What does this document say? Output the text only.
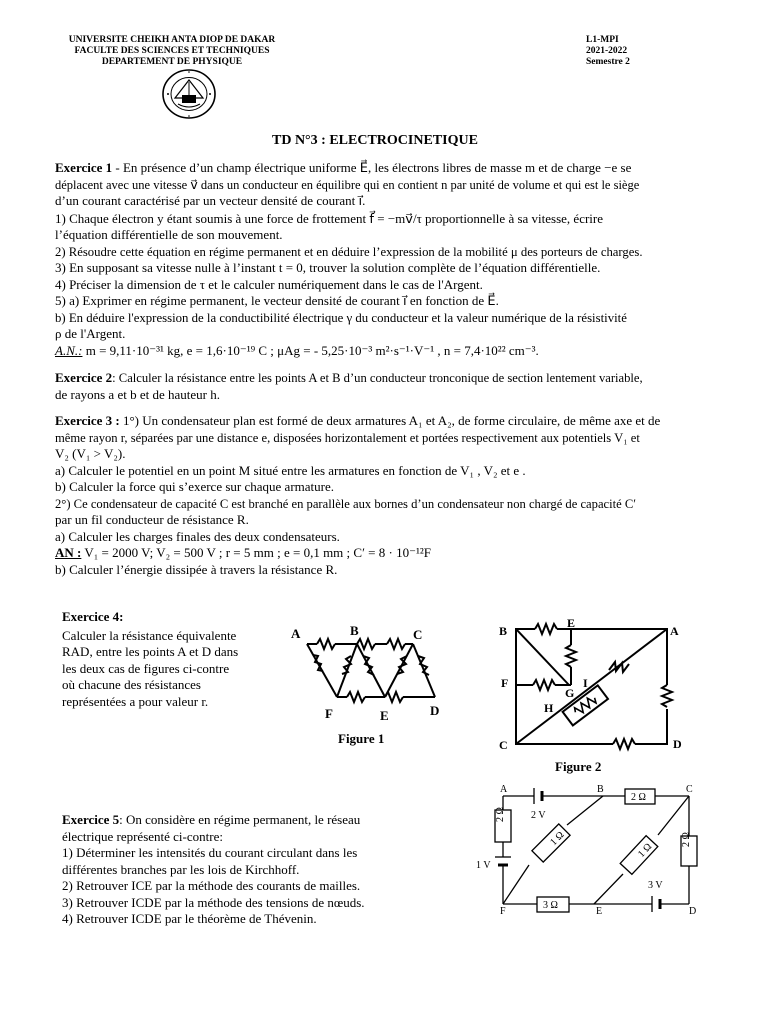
UNIVERSITE CHEIKH ANTA DIOP DE DAKAR
FACULTE DES SCIENCES ET TECHNIQUES
DEPARTEMENT DE PHYSIQUE
L1-MPI
2021-2022
Semestre 2
TD N°3 : ELECTROCINETIQUE
Exercice 1 - En présence d’un champ électrique uniforme E⃗, les électrons libres de masse m et de charge −e se
déplacent avec une vitesse v⃗ dans un conducteur en équilibre qui en contient n par unité de volume et qui est le siège
d’un courant caractérisé par un vecteur densité de courant i⃗.
1) Chaque électron y étant soumis à une force de frottement f⃗ = −mv⃗/τ proportionnelle à sa vitesse, écrire
l’équation différentielle de son mouvement.
2) Résoudre cette équation en régime permanent et en déduire l’expression de la mobilité μ des porteurs de charges.
3) En supposant sa vitesse nulle à l’instant t = 0, trouver la solution complète de l’équation différentielle.
4) Préciser la dimension de τ et le calculer numériquement dans le cas de l'Argent.
5) a) Exprimer en régime permanent, le vecteur densité de courant i⃗ en fonction de E⃗.
b) En déduire l'expression de la conductibilité électrique γ du conducteur et la valeur numérique de la résistivité
ρ de l'Argent.
A.N.: m = 9,11·10⁻³¹ kg, e = 1,6·10⁻¹⁹ C ; μAg = - 5,25·10⁻³ m²·s⁻¹·V⁻¹ , n = 7,4·10²² cm⁻³.
Exercice 2: Calculer la résistance entre les points A et B d’un conducteur tronconique de section lentement variable,
de rayons a et b et de hauteur h.
Exercice 3 : 1°) Un condensateur plan est formé de deux armatures A₁ et A₂, de forme circulaire, de même axe et de
même rayon r, séparées par une distance e, disposées horizontalement et portées respectivement aux potentiels V₁ et
V₂ (V₁ > V₂).
a) Calculer le potentiel en un point M situé entre les armatures en fonction de V₁ , V₂ et e .
b) Calculer la force qui s’exerce sur chaque armature.
2°) Ce condensateur de capacité C est branché en parallèle aux bornes d’un condensateur non chargé de capacité C′
par un fil conducteur de résistance R.
a) Calculer les charges finales des deux condensateurs.
AN : V₁ = 2000 V; V₂ = 500 V ; r = 5 mm ; e = 0,1 mm ; C′ = 8 · 10⁻¹²F
b) Calculer l’énergie dissipée à travers la résistance R.
Exercice 4:
Calculer la résistance équivalente
RAD, entre les points A et D dans
les deux cas de figures ci-contre
où chacune des résistances
représentées a pour valeur r.
A	B	C
F	E	D
Figure 1
B
E
A
F
G
I
H
C	D
Figure 2
Exercice 5: On considère en régime permanent, le réseau
électrique représenté ci-contre:
1) Déterminer les intensités du courant circulant dans les
différentes branches par les lois de Kirchhoff.
2) Retrouver ICE par la méthode des courants de mailles.
3) Retrouver ICDE par la méthode des tensions de nœuds.
4) Retrouver ICDE par le théorème de Thévenin.
A	B	C
D
E
F
2 Ω
3 Ω
2 Ω
2 Ω
1 Ω
1 Ω
2 V
1 V
3 V
